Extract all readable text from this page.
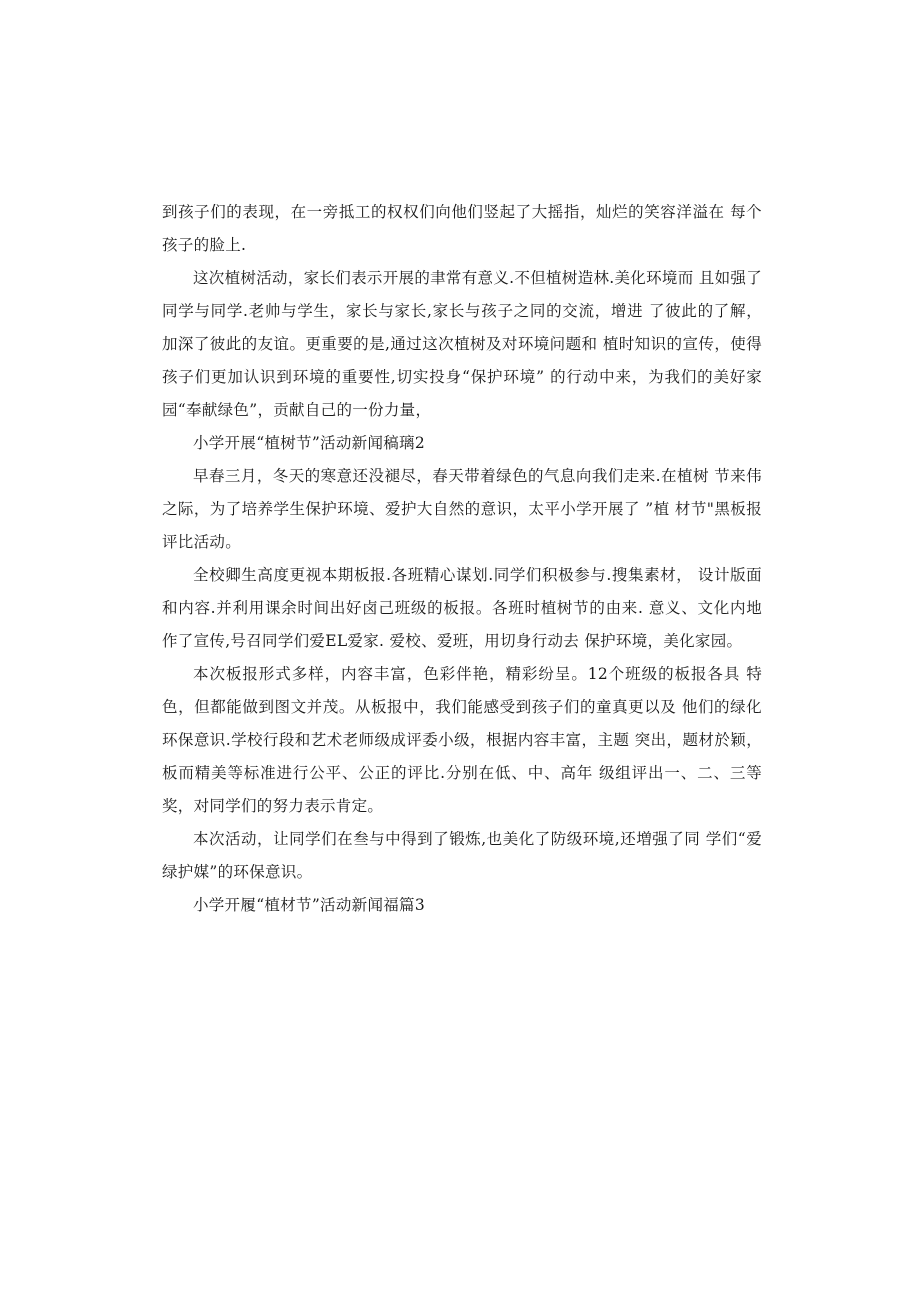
到孩子们的表现，在一旁抵工的权权们向他们竖起了大摇指，灿烂的笑容洋溢在 每个孩子的脸上.

这次植树活动，家长们表示开展的聿常有意义.不但植树造林.美化环境而 且如强了同学与同学.老帅与学生，家长与家长,家长与孩子之同的交流，增进 了彼此的了解，加深了彼此的友谊。更重要的是,通过这次植树及对环境问题和 植时知识的宣传，使得孩子们更加认识到环境的重要性,切实投身“保护环境” 的行动中来，为我们的美好家园“奉献绿色”，贡献自己的一份力量，

小学开展“植树节”活动新闻稿璃2

早春三月，冬天的寒意还没褪尽，春天带着绿色的气息向我们走来.在植树 节来伟之际，为了培养学生保护环境、爱护大自然的意识，太平小学开展了 ”植 材节"黑板报评比活动。

全校卿生高度更视本期板报.各班精心谋划.同学们积极参与.搜集素材， 设计版面和内容.并利用课余时间出好卤己班级的板报。各班时植树节的由来. 意义、文化内地作了宣传,号召同学们爱EL爱家. 爱校、爱班，用切身行动去 保护环境，美化家园。

本次板报形式多样，内容丰富，色彩伴艳，精彩纷呈。12个班级的板报各具 特色，但都能做到图文并茂。从板报中，我们能感受到孩子们的童真更以及 他们的绿化环保意识.学校行段和艺术老师级成评委小级，根据内容丰富，主题 突出，题材於颖，板而精美等标准进行公平、公正的评比.分别在低、中、高年 级组评出一、二、三等奖，对同学们的努力表示肯定。

本次活动，让同学们在叁与中得到了锻炼,也美化了防级环境,还増强了同 学们“爱绿护媒”的环保意识。

小学开履“植材节”活动新闻福篇3
